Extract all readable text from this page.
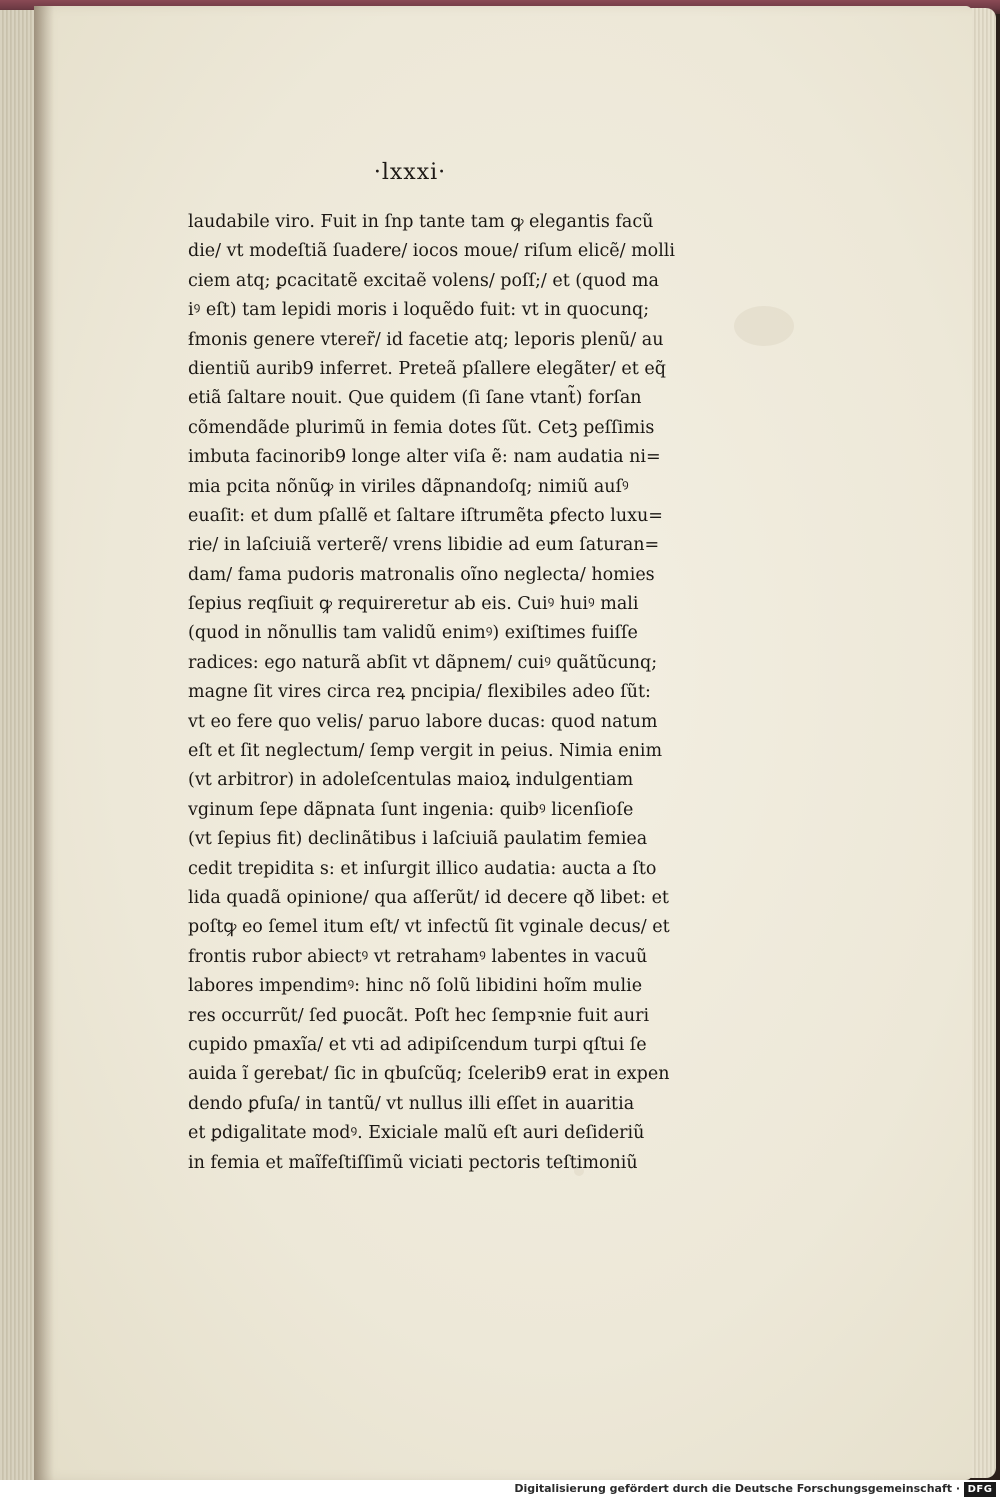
·lxxxi·
laudabile viro. Fuit in ſnp tante tam ꝙ elegantis facũ
die/ vt modeſtiã ſuadere/ iocos moue/ riſum elicẽ/ molli
ciem atq; ꝑcacitatẽ excitaẽ volens/ poſſ;/ et (quod ma
iꝰ eſt) tam lepidi moris i loquẽdo fuit: vt in quocunq;
ẜmonis genere vterer̃/ id facetie atq; leporis plenũ/ au
dientiũ aurib9 inferret. Preteã pſallere elegãter/ et eq̃
etiã ſaltare nouit. Que quidem (ſi ſane vtant̃) forſan
cõmendãde plurimũ in femia dotes ſũt. Cetꝫ peſſimis
imbuta facinorib9 longe alter viſa ẽ: nam audatia ni=
mia pcita nõnũꝙ in viriles dãpnandoſq; nimiũ auſꝰ
euaſit: et dum pſallẽ et ſaltare iſtrumẽta ꝑfecto luxu=
rie/ in laſciuiã verterẽ/ vrens libidie ad eum ſaturan=
dam/ fama pudoris matronalis oĩno neglecta/ homies
ſepius reqſiuit ꝙ requireretur ab eis. Cuiꝰ huiꝰ mali
(quod in nõnullis tam validũ enimꝰ) exiſtimes fuiſſe
radices: ego naturã abſit vt dãpnem/ cuiꝰ quãtũcunq;
magne ſit vires circa reꝝ pncipia/ flexibiles adeo ſũt:
vt eo fere quo velis/ paruo labore ducas: quod natum
eſt et ſit neglectum/ ſemp vergit in peius. Nimia enim
(vt arbitror) in adoleſcentulas maioꝝ indulgentiam
vginum ſepe dãpnata ſunt ingenia: quibꝰ licenſioſe
(vt ſepius fit) declinãtibus i laſciuiã paulatim femiea
cedit trepidita s: et inſurgit illico audatia: aucta a ſto
lida quadã opinione/ qua aſſerũt/ id decere qð libet: et
poſtꝙ eo ſemel itum eſt/ vt infectũ ſit vginale decus/ et
frontis rubor abiectꝰ vt retrahamꝰ labentes in vacuũ
labores impendimꝰ: hinc nõ ſolũ libidini hoĩm mulie
res occurrũt/ ſed ꝑuocãt. Poſt hec ſempꝛnie fuit auri
cupido pmaxĩa/ et vti ad adipiſcendum turpi qſtui ſe
auida ĩ gerebat/ ſic in qbuſcũq; ſcelerib9 erat in expen
dendo ꝑfuſa/ in tantũ/ vt nullus illi eſſet in auaritia
et ꝑdigalitate modꝰ. Exiciale malũ eſt auri deſideriũ
in femia et maĩfeſtiſſimũ viciati pectoris teſtimoniũ
Digitalisierung gefördert durch die Deutsche Forschungsgemeinschaft · DFG
